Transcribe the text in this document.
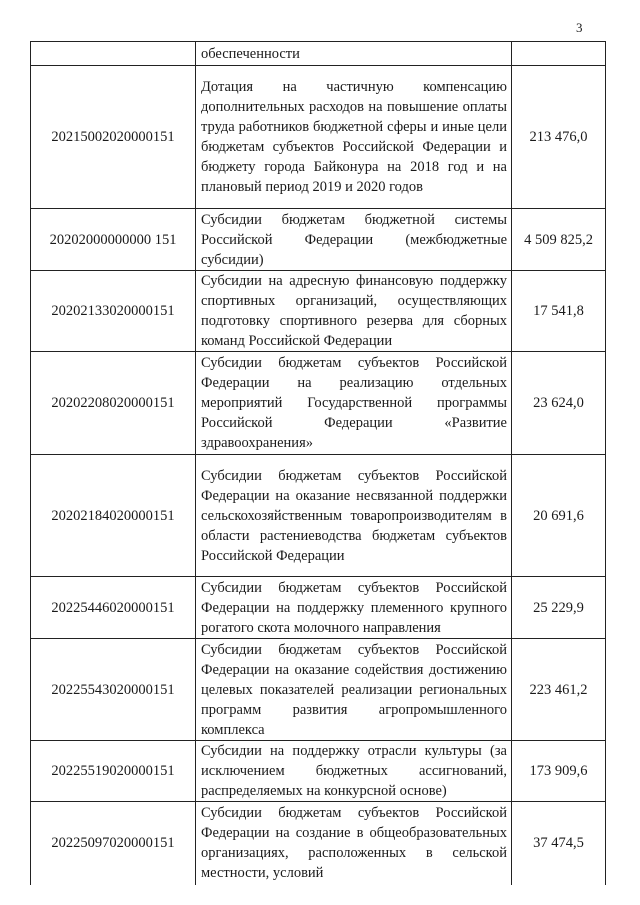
3
	обеспеченности	
20215002020000151	Дотация на частичную компенсацию дополнительных расходов на повышение оплаты труда работников бюджетной сферы и иные цели бюджетам субъектов Российской Федерации и бюджету города Байконура на 2018 год и на плановый период 2019 и 2020 годов	213 476,0
20202000000000 151	Субсидии бюджетам бюджетной системы Российской Федерации (межбюджетные субсидии)	4 509 825,2
20202133020000151	Субсидии на адресную финансовую поддержку спортивных организаций, осуществляющих подготовку спортивного резерва для сборных команд Российской Федерации	17 541,8
20202208020000151	Субсидии бюджетам субъектов Российской Федерации на реализацию отдельных мероприятий Государственной программы Российской Федерации «Развитие здравоохранения»	23 624,0
20202184020000151	Субсидии бюджетам субъектов Российской Федерации на оказание несвязанной поддержки сельскохозяйственным товаропроизводителям в области растениеводства бюджетам субъектов Российской Федерации	20 691,6
20225446020000151	Субсидии бюджетам субъектов Российской Федерации на поддержку племенного крупного рогатого скота молочного направления	25 229,9
20225543020000151	Субсидии бюджетам субъектов Российской Федерации на оказание содействия достижению целевых показателей реализации региональных программ развития агропромышленного комплекса	223 461,2
20225519020000151	Субсидии на поддержку отрасли культуры (за исключением бюджетных ассигнований, распределяемых на конкурсной основе)	173 909,6
20225097020000151	Субсидии бюджетам субъектов Российской Федерации на создание в общеобразовательных организациях, расположенных в сельской местности, условий	37 474,5
